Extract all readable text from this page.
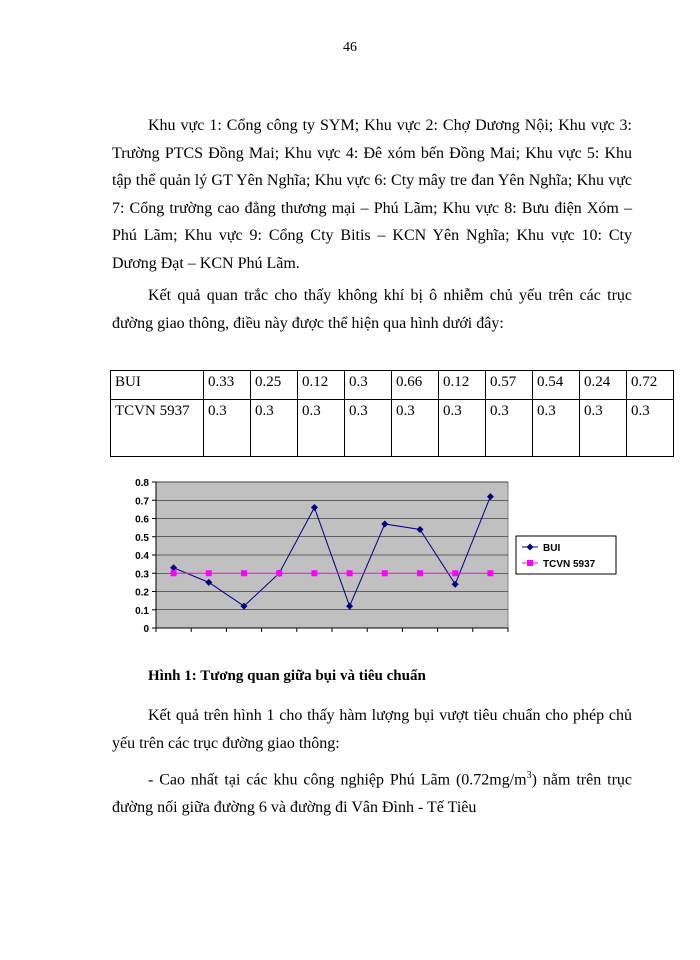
46

Khu vực 1: Cổng công ty SYM; Khu vực 2: Chợ Dương Nội; Khu vực 3: Trường PTCS Đồng Mai; Khu vực 4: Đê xóm bến Đồng Mai; Khu vực 5: Khu tập thể quản lý GT Yên Nghĩa; Khu vực 6: Cty mây tre đan Yên Nghĩa; Khu vực 7: Cổng trường cao đẳng thương mại – Phú Lãm; Khu vực 8: Bưu điện Xóm – Phú Lãm; Khu vực 9: Cổng Cty Bitis – KCN Yên Nghĩa; Khu vực 10: Cty Dương Đạt – KCN Phú Lãm.

Kết quả quan trắc cho thấy không khí bị ô nhiễm chủ yếu trên các trục đường giao thông, điều này được thể hiện qua hình dưới đây:

BUI	0.33	0.25	0.12	0.3	0.66	0.12	0.57	0.54	0.24	0.72
TCVN 5937	0.3	0.3	0.3	0.3	0.3	0.3	0.3	0.3	0.3	0.3
0
0.1
0.2
0.3
0.4
0.5
0.6
0.7
0.8
BUI
TCVN 5937
Hình 1: Tương quan giữa bụi và tiêu chuẩn

Kết quả trên hình 1 cho thấy hàm lượng bụi vượt tiêu chuẩn cho phép chủ yếu trên các trục đường giao thông:

- Cao nhất tại các khu công nghiệp Phú Lãm $(0.72mg/m^3)$ nằm trên trục đường nối giữa đường 6 và đường đi Vân Đình - Tế Tiêu
